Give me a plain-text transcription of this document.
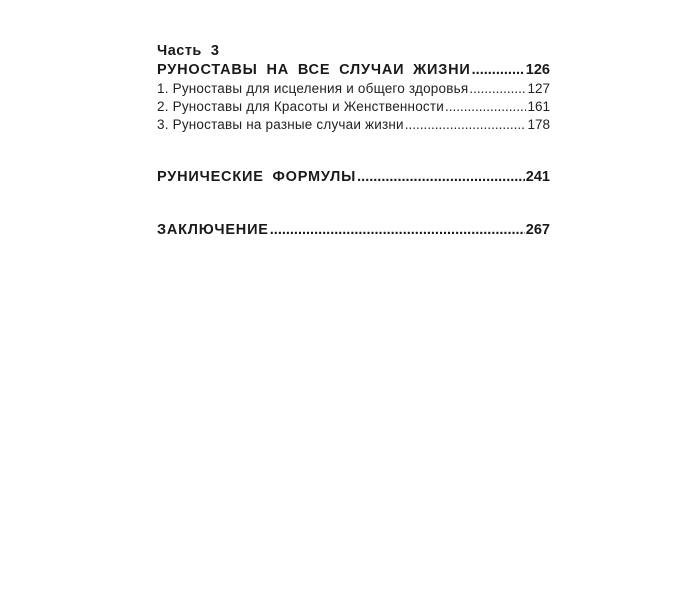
Часть  3
РУНОСТАВЫ НА ВСЕ СЛУЧАИ ЖИЗНИ .....	126
1. Руноставы для исцеления и общего здоровья .....	127
2. Руноставы для Красоты и Женственности .....	161
3. Руноставы на разные случаи жизни .....	178
РУНИЧЕСКИЕ ФОРМУЛЫ .....	241
ЗАКЛЮЧЕНИЕ .....	267
